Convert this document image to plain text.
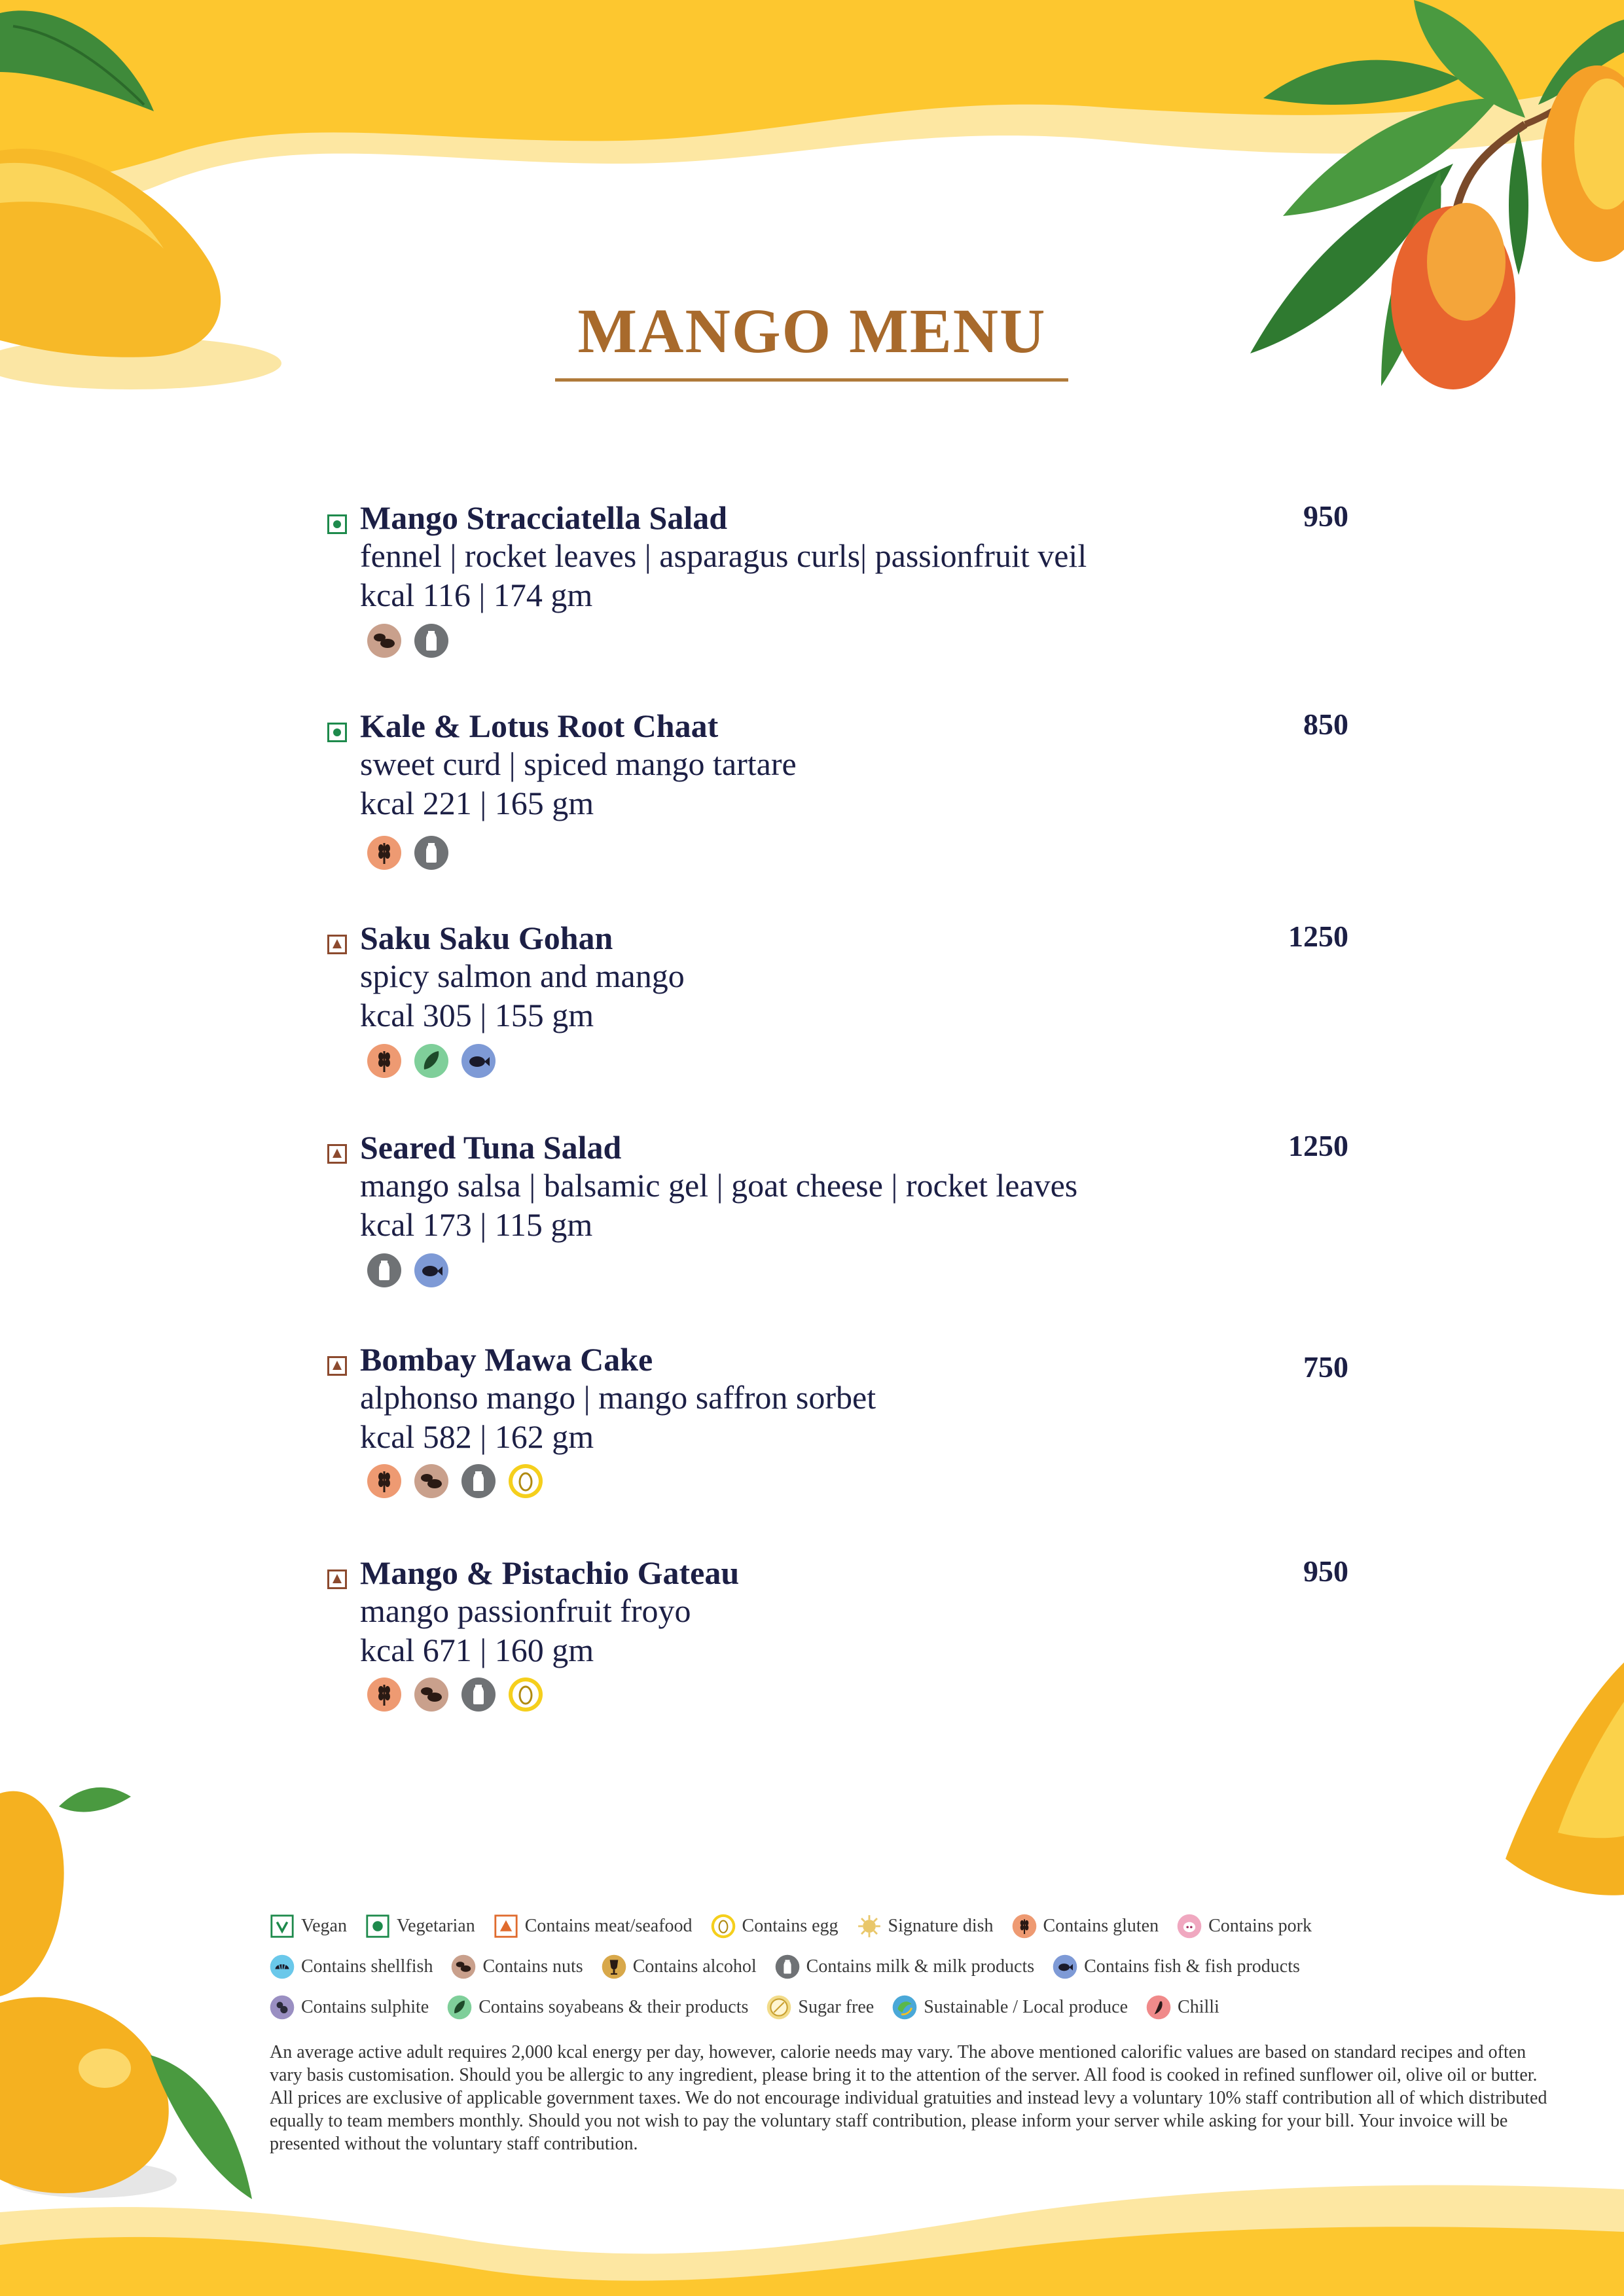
MANGO MENU
Mango Stracciatella Salad	950
fennel | rocket leaves | asparagus curls| passionfruit veil
kcal 116 | 174 gm
Kale & Lotus Root Chaat	850
sweet curd | spiced mango tartare
kcal 221 | 165 gm
Saku Saku Gohan	1250
spicy salmon and mango
kcal 305 | 155 gm
Seared Tuna Salad	1250
mango salsa | balsamic gel | goat cheese | rocket leaves
kcal 173 | 115 gm
Bombay Mawa Cake	750
alphonso mango | mango saffron sorbet
kcal 582 | 162 gm
Mango & Pistachio Gateau	950
mango passionfruit froyo
kcal 671 | 160 gm
Vegan	Vegetarian	Contains meat/seafood	Contains egg	Signature dish	Contains gluten	Contains pork
Contains shellfish	Contains nuts	Contains alcohol	Contains milk & milk products	Contains fish & fish products
Contains sulphite	Contains soyabeans & their products	Sugar free	Sustainable / Local produce	Chilli
An average active adult requires 2,000 kcal energy per day, however, calorie needs may vary. The above mentioned calorific values are based on standard recipes and often vary basis customisation. Should you be allergic to any ingredient, please bring it to the attention of the server. All food is cooked in refined sunflower oil, olive oil or butter. All prices are exclusive of applicable government taxes. We do not encourage individual gratuities and instead levy a voluntary 10% staff contribution all of which distributed equally to team members monthly. Should you not wish to pay the voluntary staff contribution, please inform your server while asking for your bill. Your invoice will be presented without the voluntary staff contribution.
